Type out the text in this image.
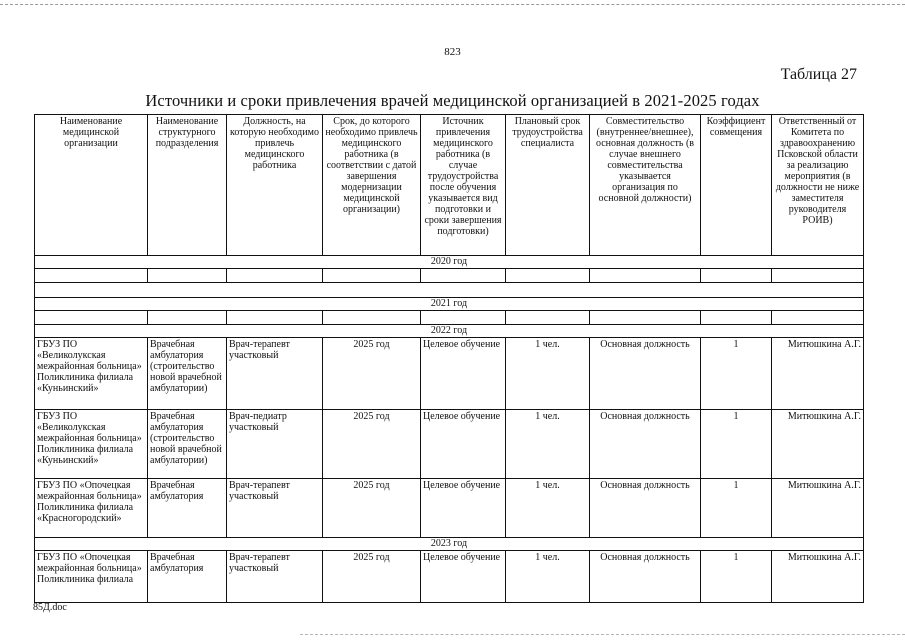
823
Таблица 27
Источники и сроки привлечения врачей медицинской организацией в 2021-2025 годах
Наименование медицинской организации	Наименование структурного подразделения	Должность, на которую необходимо привлечь медицинского работника	Срок, до которого необходимо привлечь медицинского работника (в соответствии с датой завершения модернизации медицинской организации)	Источник привлечения медицинского работника (в случае трудоустройства после обучения указывается вид подготовки и сроки завершения подготовки)	Плановый срок трудоустройства специалиста	Совместительство (внутреннее/внешнее), основная должность (в случае внешнего совместительства указывается организация по основной должности)	Коэффициент совмещения	Ответственный от Комитета по здравоохранению Псковской области за реализацию мероприятия (в должности не ниже заместителя руководителя РОИВ)
2020 год								

2021 год								

2022 год								
ГБУЗ ПО «Великолукская межрайонная больница» Поликлиника филиала «Куньинский»	Врачебная амбулатория (строительство новой врачебной амбулатории)	Врач-терапевт участковый	2025 год	Целевое обучение	1 чел.	Основная должность	1	Митюшкина А.Г.
ГБУЗ ПО «Великолукская межрайонная больница» Поликлиника филиала «Куньинский»	Врачебная амбулатория (строительство новой врачебной амбулатории)	Врач-педиатр участковый	2025 год	Целевое обучение	1 чел.	Основная должность	1	Митюшкина А.Г.
ГБУЗ ПО «Опочецкая межрайонная больница» Поликлиника филиала «Красногородский»	Врачебная амбулатория	Врач-терапевт участковый	2025 год	Целевое обучение	1 чел.	Основная должность	1	Митюшкина А.Г.
2023 год								
ГБУЗ ПО «Опочецкая межрайонная больница» Поликлиника филиала	Врачебная амбулатория	Врач-терапевт участковый	2025 год	Целевое обучение	1 чел.	Основная должность	1	Митюшкина А.Г.
85Д.doc
